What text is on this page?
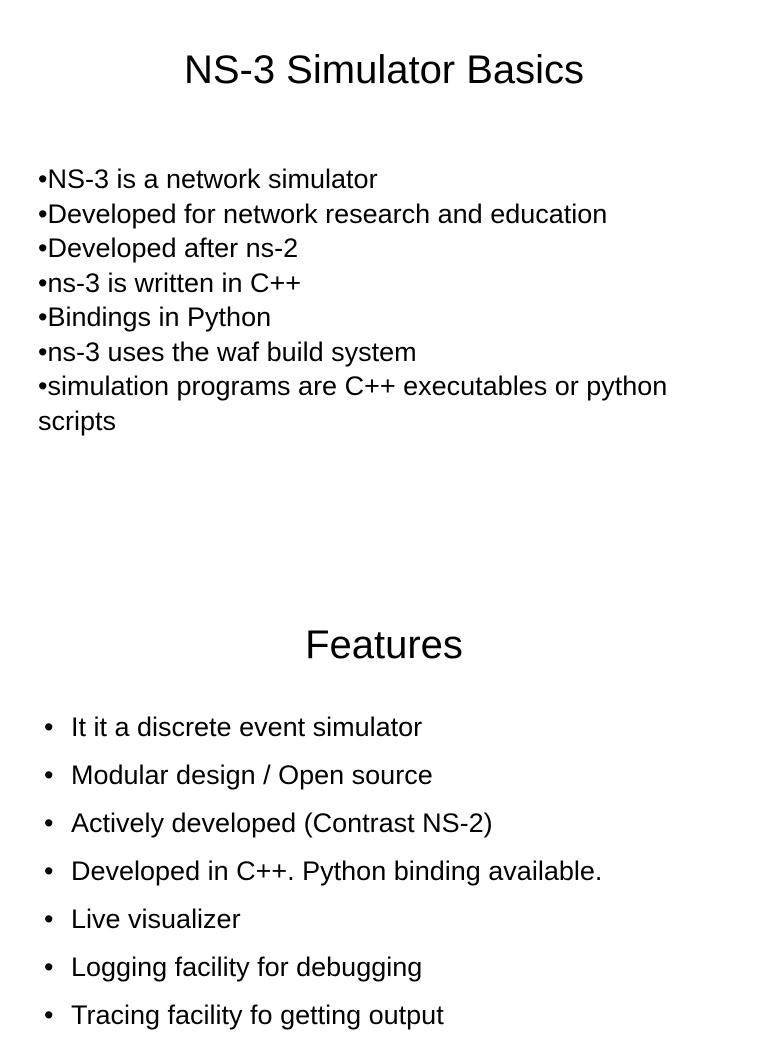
NS-3 Simulator Basics
•NS-3 is a network simulator
•Developed for network research and education
•Developed after ns-2
•ns-3 is written in C++
•Bindings in Python
•ns-3 uses the waf build system
•simulation programs are C++ executables or python scripts
Features
• It it a discrete event simulator
• Modular design / Open source
• Actively developed (Contrast NS-2)
• Developed in C++. Python binding available.
• Live visualizer
• Logging facility for debugging
• Tracing facility fo getting output
